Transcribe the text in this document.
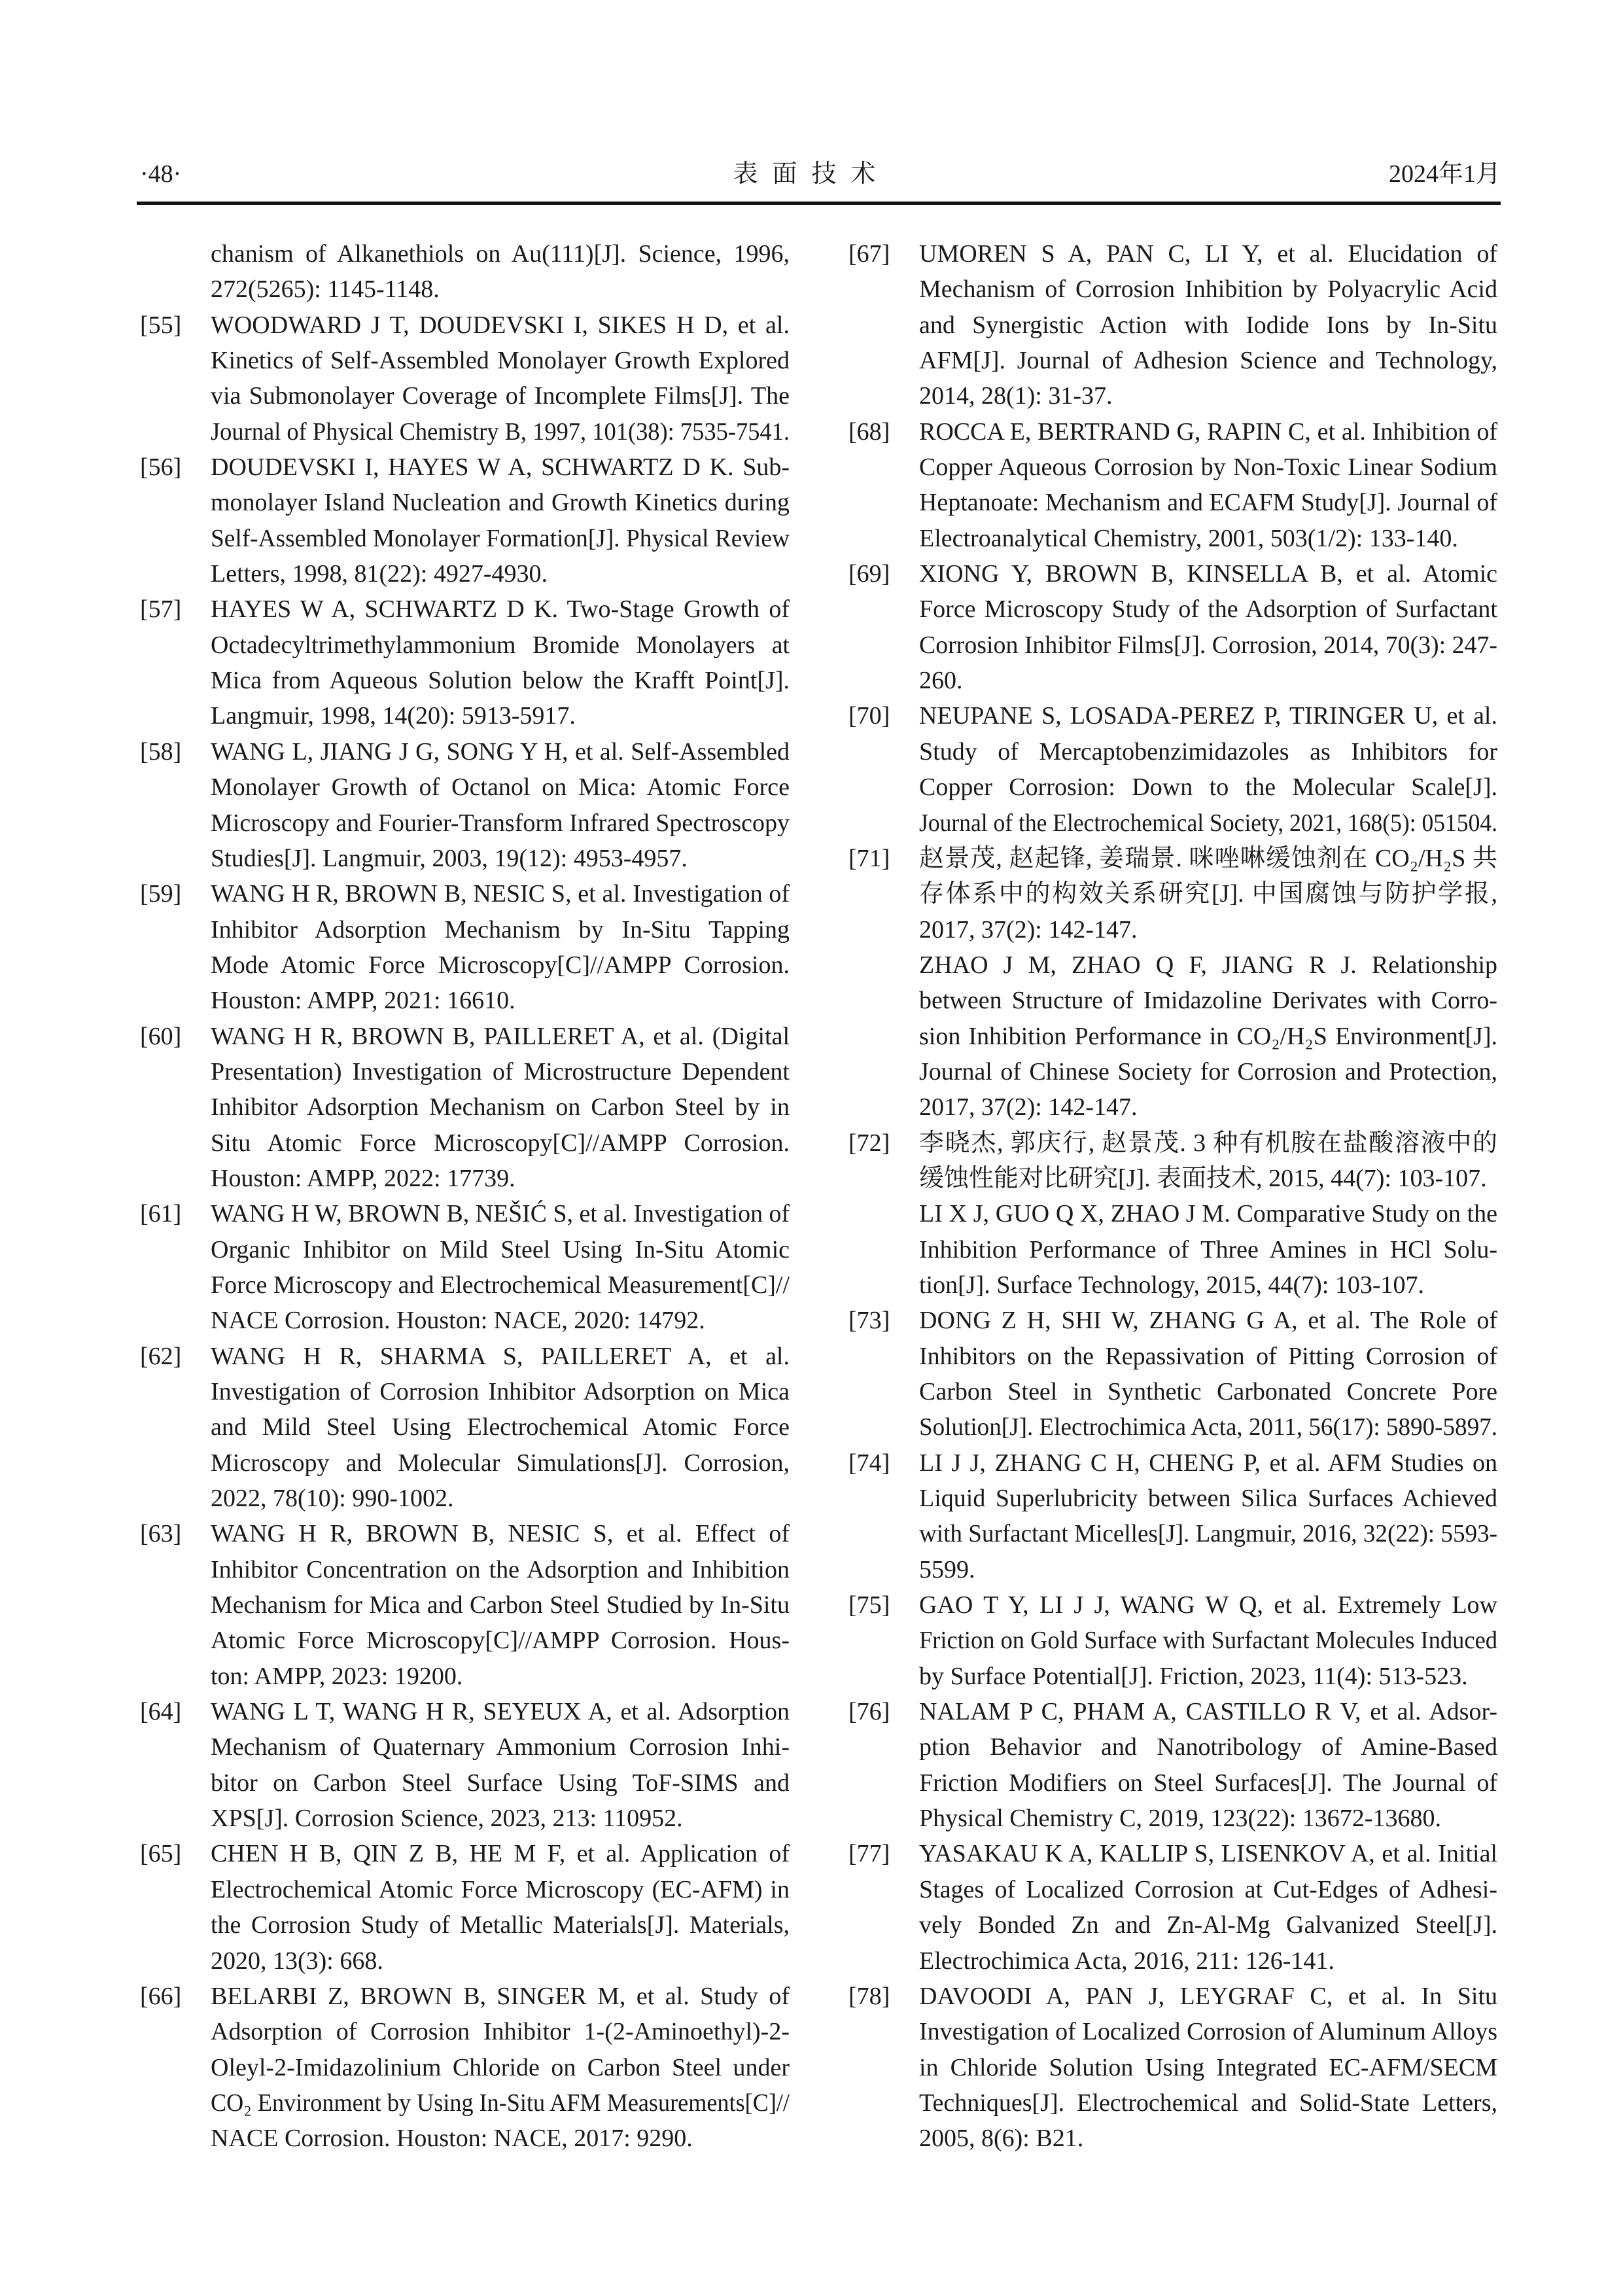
·48·	表面技术	2024年1月
chanism of Alkanethiols on Au(111)[J]. Science, 1996,
272(5265): 1145-1148.
[55] WOODWARD J T, DOUDEVSKI I, SIKES H D, et al.
Kinetics of Self-Assembled Monolayer Growth Explored
via Submonolayer Coverage of Incomplete Films[J]. The
Journal of Physical Chemistry B, 1997, 101(38): 7535-7541.
[56] DOUDEVSKI I, HAYES W A, SCHWARTZ D K. Sub-
monolayer Island Nucleation and Growth Kinetics during
Self-Assembled Monolayer Formation[J]. Physical Review
Letters, 1998, 81(22): 4927-4930.
[57] HAYES W A, SCHWARTZ D K. Two-Stage Growth of
Octadecyltrimethylammonium Bromide Monolayers at
Mica from Aqueous Solution below the Krafft Point[J].
Langmuir, 1998, 14(20): 5913-5917.
[58] WANG L, JIANG J G, SONG Y H, et al. Self-Assembled
Monolayer Growth of Octanol on Mica: Atomic Force
Microscopy and Fourier-Transform Infrared Spectroscopy
Studies[J]. Langmuir, 2003, 19(12): 4953-4957.
[59] WANG H R, BROWN B, NESIC S, et al. Investigation of
Inhibitor Adsorption Mechanism by In-Situ Tapping
Mode Atomic Force Microscopy[C]//AMPP Corrosion.
Houston: AMPP, 2021: 16610.
[60] WANG H R, BROWN B, PAILLERET A, et al. (Digital
Presentation) Investigation of Microstructure Dependent
Inhibitor Adsorption Mechanism on Carbon Steel by in
Situ Atomic Force Microscopy[C]//AMPP Corrosion.
Houston: AMPP, 2022: 17739.
[61] WANG H W, BROWN B, NEŠIĆ S, et al. Investigation of
Organic Inhibitor on Mild Steel Using In-Situ Atomic
Force Microscopy and Electrochemical Measurement[C]//
NACE Corrosion. Houston: NACE, 2020: 14792.
[62] WANG H R, SHARMA S, PAILLERET A, et al.
Investigation of Corrosion Inhibitor Adsorption on Mica
and Mild Steel Using Electrochemical Atomic Force
Microscopy and Molecular Simulations[J]. Corrosion,
2022, 78(10): 990-1002.
[63] WANG H R, BROWN B, NESIC S, et al. Effect of
Inhibitor Concentration on the Adsorption and Inhibition
Mechanism for Mica and Carbon Steel Studied by In-Situ
Atomic Force Microscopy[C]//AMPP Corrosion. Hous-
ton: AMPP, 2023: 19200.
[64] WANG L T, WANG H R, SEYEUX A, et al. Adsorption
Mechanism of Quaternary Ammonium Corrosion Inhi-
bitor on Carbon Steel Surface Using ToF-SIMS and
XPS[J]. Corrosion Science, 2023, 213: 110952.
[65] CHEN H B, QIN Z B, HE M F, et al. Application of
Electrochemical Atomic Force Microscopy (EC-AFM) in
the Corrosion Study of Metallic Materials[J]. Materials,
2020, 13(3): 668.
[66] BELARBI Z, BROWN B, SINGER M, et al. Study of
Adsorption of Corrosion Inhibitor 1-(2-Aminoethyl)-2-
Oleyl-2-Imidazolinium Chloride on Carbon Steel under
CO₂ Environment by Using In-Situ AFM Measurements[C]//
NACE Corrosion. Houston: NACE, 2017: 9290.
[67] UMOREN S A, PAN C, LI Y, et al. Elucidation of
Mechanism of Corrosion Inhibition by Polyacrylic Acid
and Synergistic Action with Iodide Ions by In-Situ
AFM[J]. Journal of Adhesion Science and Technology,
2014, 28(1): 31-37.
[68] ROCCA E, BERTRAND G, RAPIN C, et al. Inhibition of
Copper Aqueous Corrosion by Non-Toxic Linear Sodium
Heptanoate: Mechanism and ECAFM Study[J]. Journal of
Electroanalytical Chemistry, 2001, 503(1/2): 133-140.
[69] XIONG Y, BROWN B, KINSELLA B, et al. Atomic
Force Microscopy Study of the Adsorption of Surfactant
Corrosion Inhibitor Films[J]. Corrosion, 2014, 70(3): 247-
260.
[70] NEUPANE S, LOSADA-PEREZ P, TIRINGER U, et al.
Study of Mercaptobenzimidazoles as Inhibitors for
Copper Corrosion: Down to the Molecular Scale[J].
Journal of the Electrochemical Society, 2021, 168(5): 051504.
[71] 赵景茂, 赵起锋, 姜瑞景. 咪唑啉缓蚀剂在 CO₂/H₂S 共
存体系中的构效关系研究[J]. 中国腐蚀与防护学报,
2017, 37(2): 142-147.
ZHAO J M, ZHAO Q F, JIANG R J. Relationship
between Structure of Imidazoline Derivates with Corro-
sion Inhibition Performance in CO₂/H₂S Environment[J].
Journal of Chinese Society for Corrosion and Protection,
2017, 37(2): 142-147.
[72] 李晓杰, 郭庆行, 赵景茂. 3 种有机胺在盐酸溶液中的
缓蚀性能对比研究[J]. 表面技术, 2015, 44(7): 103-107.
LI X J, GUO Q X, ZHAO J M. Comparative Study on the
Inhibition Performance of Three Amines in HCl Solu-
tion[J]. Surface Technology, 2015, 44(7): 103-107.
[73] DONG Z H, SHI W, ZHANG G A, et al. The Role of
Inhibitors on the Repassivation of Pitting Corrosion of
Carbon Steel in Synthetic Carbonated Concrete Pore
Solution[J]. Electrochimica Acta, 2011, 56(17): 5890-5897.
[74] LI J J, ZHANG C H, CHENG P, et al. AFM Studies on
Liquid Superlubricity between Silica Surfaces Achieved
with Surfactant Micelles[J]. Langmuir, 2016, 32(22): 5593-
5599.
[75] GAO T Y, LI J J, WANG W Q, et al. Extremely Low
Friction on Gold Surface with Surfactant Molecules Induced
by Surface Potential[J]. Friction, 2023, 11(4): 513-523.
[76] NALAM P C, PHAM A, CASTILLO R V, et al. Adsor-
ption Behavior and Nanotribology of Amine-Based
Friction Modifiers on Steel Surfaces[J]. The Journal of
Physical Chemistry C, 2019, 123(22): 13672-13680.
[77] YASAKAU K A, KALLIP S, LISENKOV A, et al. Initial
Stages of Localized Corrosion at Cut-Edges of Adhesi-
vely Bonded Zn and Zn-Al-Mg Galvanized Steel[J].
Electrochimica Acta, 2016, 211: 126-141.
[78] DAVOODI A, PAN J, LEYGRAF C, et al. In Situ
Investigation of Localized Corrosion of Aluminum Alloys
in Chloride Solution Using Integrated EC-AFM/SECM
Techniques[J]. Electrochemical and Solid-State Letters,
2005, 8(6): B21.
